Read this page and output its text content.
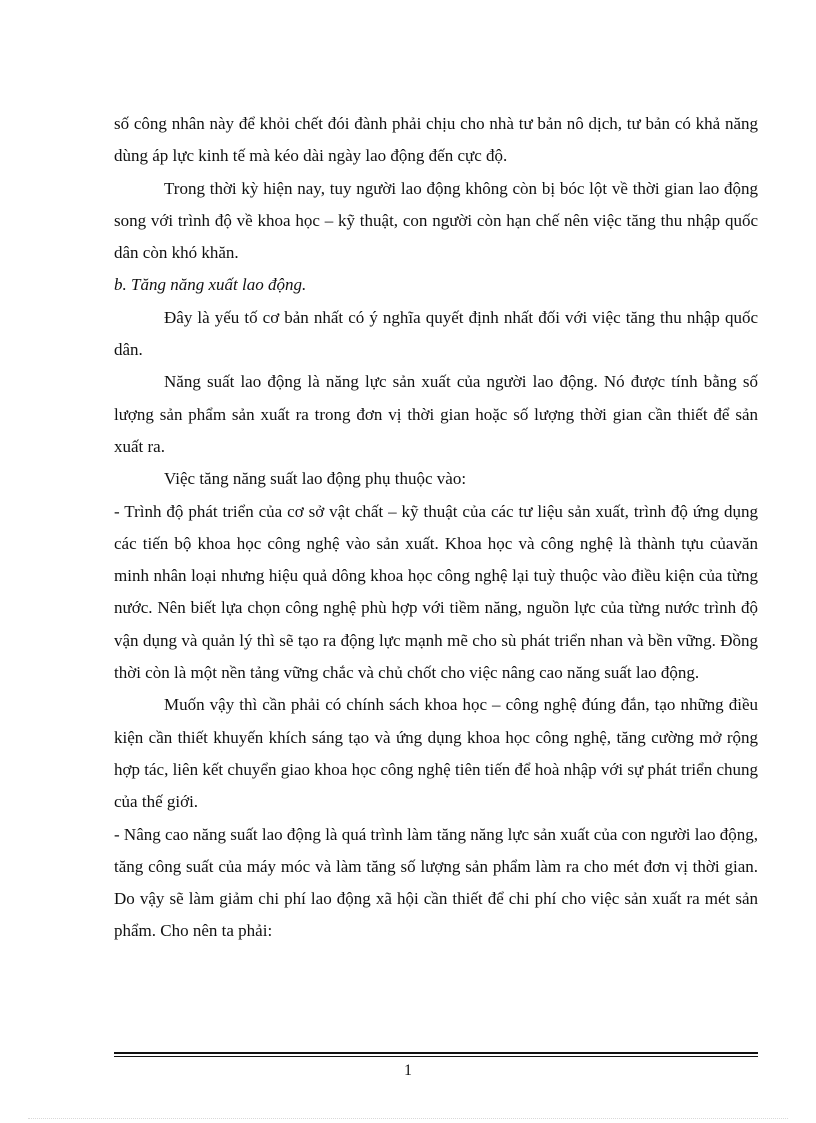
số công nhân này để khỏi chết đói đành phải chịu cho nhà tư bản nô dịch, tư bản có khả năng dùng áp lực kinh tế mà kéo dài ngày lao động đến cực độ.

Trong thời kỳ hiện nay, tuy người lao động không còn bị bóc lột về thời gian lao động song với trình độ về khoa học – kỹ thuật, con người còn hạn chế nên việc tăng thu nhập quốc dân còn khó khăn.

b. Tăng năng xuất lao động.

Đây là yếu tố cơ bản nhất có ý nghĩa quyết định nhất đối với việc tăng thu nhập quốc dân.

Năng suất lao động là năng lực sản xuất của người lao động. Nó được tính bằng số lượng sản phẩm sản xuất ra trong đơn vị thời gian hoặc số lượng thời gian cần thiết để sản xuất ra.

Việc tăng năng suất lao động phụ thuộc vào:

- Trình độ phát triển của cơ sở vật chất – kỹ thuật của các tư liệu sản xuất, trình độ ứng dụng các tiến bộ khoa học công nghệ vào sản xuất. Khoa học và công nghệ là thành tựu củavăn minh nhân loại nhưng hiệu quả dông khoa học công nghệ lại tuỳ thuộc vào điều kiện của từng nước. Nên biết lựa chọn công nghệ phù hợp với tiềm năng, nguồn lực của từng nước trình độ vận dụng và quản lý thì sẽ tạo ra động lực mạnh mẽ cho sù phát triển nhan và bền vững. Đồng thời còn là một nền tảng vững chắc và chủ chốt cho việc nâng cao năng suất lao động.

Muốn vậy thì cần phải có chính sách khoa học – công nghệ đúng đắn, tạo những điều kiện cần thiết khuyến khích sáng tạo và ứng dụng khoa học công nghệ, tăng cường mở rộng hợp tác, liên kết chuyển giao khoa học công nghệ tiên tiến để hoà nhập với sự phát triển chung của thế giới.

- Nâng cao năng suất lao động là quá trình làm tăng năng lực sản xuất của con người lao động, tăng công suất của máy móc và làm tăng số lượng sản phẩm làm ra cho mét đơn vị thời gian. Do vậy sẽ làm giảm chi phí lao động xã hội cần thiết để chi phí cho việc sản xuất ra mét sản phẩm. Cho nên ta phải:

1
